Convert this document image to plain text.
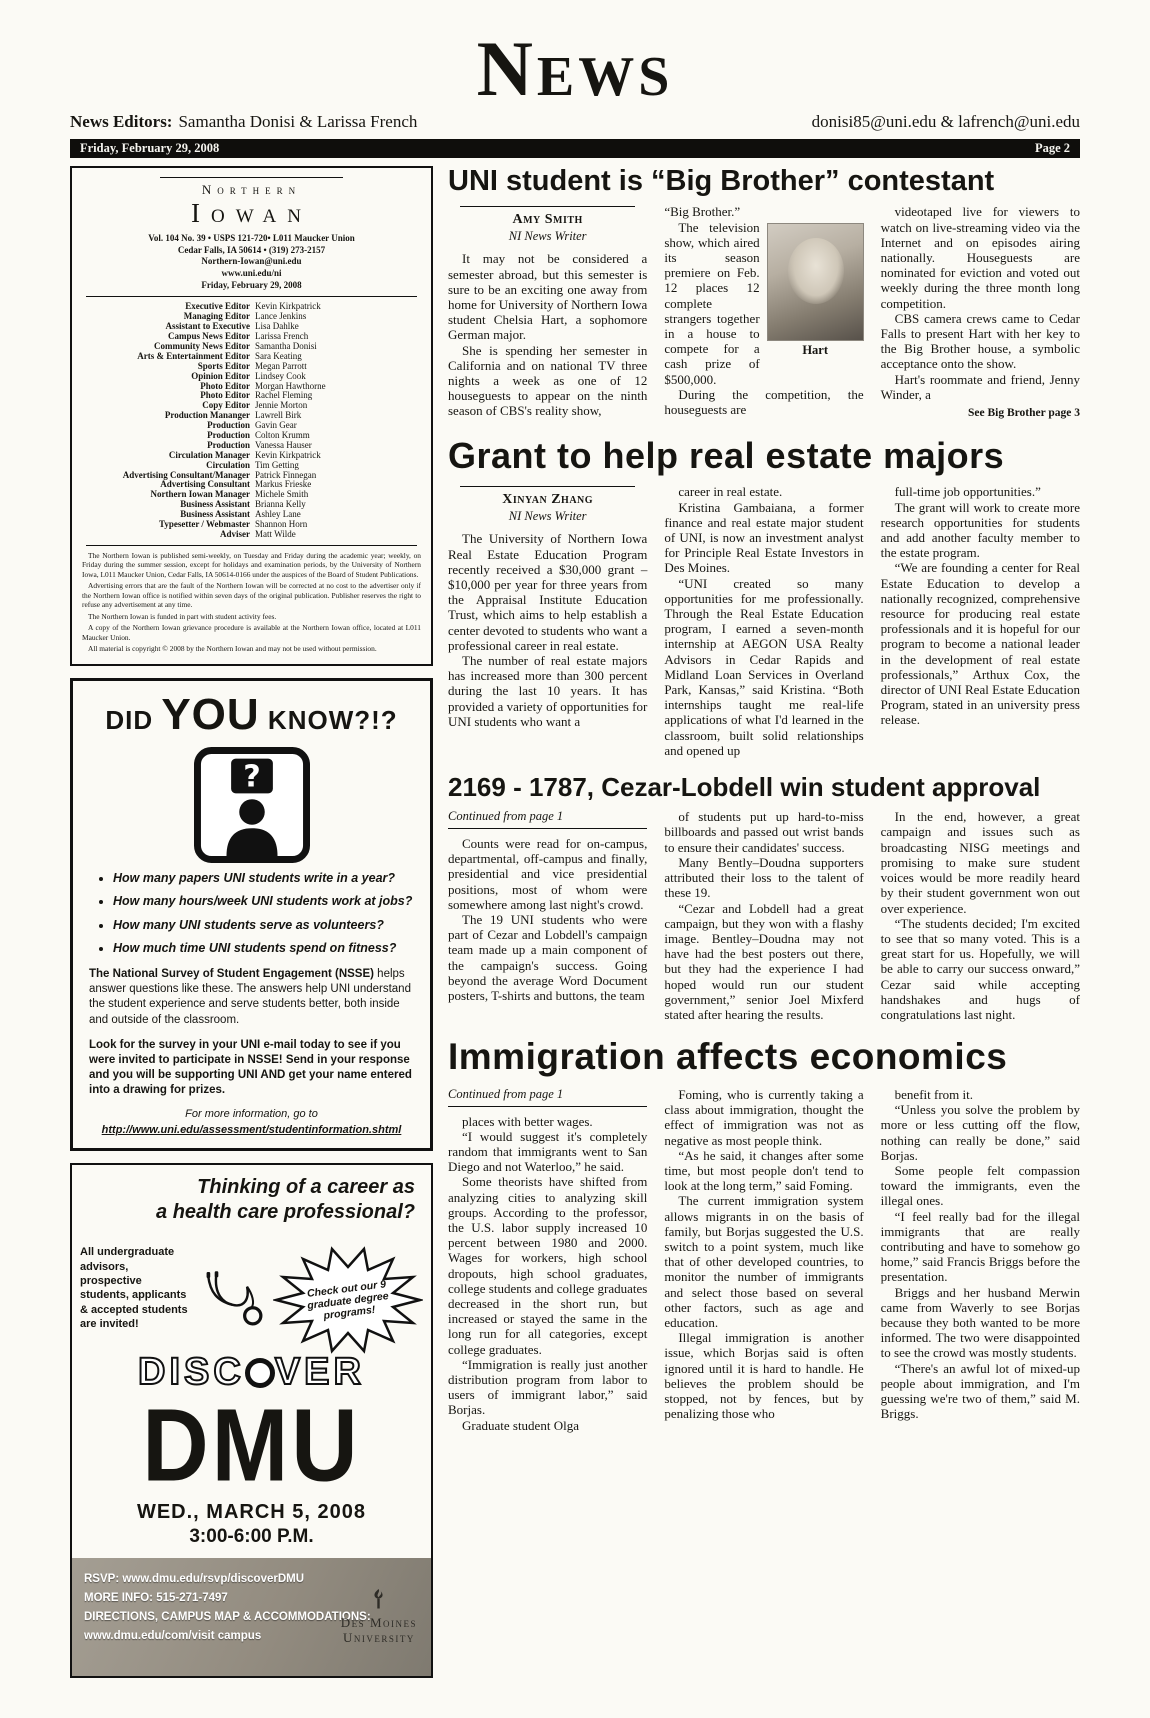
NEWS
News Editors: Samantha Donisi & Larissa French	donisi85@uni.edu & lafrench@uni.edu
Friday, February 29, 2008	Page 2
Northern
Iowan
Vol. 104 No. 39 • USPS 121-720• L011 Maucker Union
Cedar Falls, IA 50614 • (319) 273-2157
Northern-Iowan@uni.edu
www.uni.edu/ni
Friday, February 29, 2008
Executive Editor Kevin Kirkpatrick
Managing Editor Lance Jenkins
Assistant to Executive Lisa Dahlke
Campus News Editor Larissa French
Community News Editor Samantha Donisi
Arts & Entertainment Editor Sara Keating
Sports Editor Megan Parrott
Opinion Editor Lindsey Cook
Photo Editor Morgan Hawthorne
Photo Editor Rachel Fleming
Copy Editor Jennie Morton
Production Mananger Lawrell Birk
Production Gavin Gear
Production Colton Krumm
Production Vanessa Hauser
Circulation Manager Kevin Kirkpatrick
Circulation Tim Getting
Advertising Consultant/Manager Patrick Finnegan
Advertising Consultant Markus Frieske
Northern Iowan Manager Michele Smith
Business Assistant Brianna Kelly
Business Assistant Ashley Lane
Typesetter / Webmaster Shannon Horn
Adviser Matt Wilde

The Northern Iowan is published semi-weekly, on Tuesday and Friday during the academic year; weekly, on Friday during the summer session, except for holidays and examination periods, by the University of Northern Iowa, L011 Maucker Union, Cedar Falls, IA 50614-0166 under the auspices of the Board of Student Publications.

Advertising errors that are the fault of the Northern Iowan will be corrected at no cost to the advertiser only if the Northern Iowan office is notified within seven days of the original publication. Publisher reserves the right to refuse any advertisement at any time.

The Northern Iowan is funded in part with student activity fees.

A copy of the Northern Iowan grievance procedure is available at the Northern Iowan office, located at L011 Maucker Union.

All material is copyright © 2008 by the Northern Iowan and may not be used without permission.

DID YOU KNOW?!?
?
• How many papers UNI students write in a year?
• How many hours/week UNI students work at jobs?
• How many UNI students serve as volunteers?
• How much time UNI students spend on fitness?

The National Survey of Student Engagement (NSSE) helps answer questions like these. The answers help UNI understand the student experience and serve students better, both inside and outside of the classroom.

Look for the survey in your UNI e-mail today to see if you were invited to participate in NSSE! Send in your response and you will be supporting UNI AND get your name entered into a drawing for prizes.

For more information, go to
http://www.uni.edu/assessment/studentinformation.shtml
Thinking of a career as
a health care professional?
All undergraduate advisors, prospective students, applicants & accepted students are invited!
Check out our 9 graduate degree programs!
DISC VER
DMU
WED., MARCH 5, 2008
3:00-6:00 P.M.
RSVP: www.dmu.edu/rsvp/discoverDMU
MORE INFO: 515-271-7497
DIRECTIONS, CAMPUS MAP & ACCOMMODATIONS:
www.dmu.edu/com/visit campus
Des Moines
University
UNI student is “Big Brother” contestant
Amy Smith
NI News Writer

It may not be considered a semester abroad, but this semester is sure to be an exciting one away from home for University of Northern Iowa student Chelsia Hart, a sophomore German major.

She is spending her semester in California and on national TV three nights a week as one of 12 houseguests to appear on the ninth season of CBS's reality show,

“Big Brother.”

Hart

The television show, which aired its season premiere on Feb. 12 places 12 complete strangers together in a house to compete for a cash prize of $500,000.

During the competition, the houseguests are

videotaped live for viewers to watch on live-streaming video via the Internet and on episodes airing nationally. Houseguests are nominated for eviction and voted out weekly during the three month long competition.

CBS camera crews came to Cedar Falls to present Hart with her key to the Big Brother house, a symbolic acceptance onto the show.

Hart's roommate and friend, Jenny Winder, a

See Big Brother page 3
Grant to help real estate majors
Xinyan Zhang
NI News Writer

The University of Northern Iowa Real Estate Education Program recently received a $30,000 grant – $10,000 per year for three years from the Appraisal Institute Education Trust, which aims to help establish a center devoted to students who want a professional career in real estate.

The number of real estate majors has increased more than 300 percent during the last 10 years. It has provided a variety of opportunities for UNI students who want a

career in real estate.

Kristina Gambaiana, a former finance and real estate major student of UNI, is now an investment analyst for Principle Real Estate Investors in Des Moines.

“UNI created so many opportunities for me professionally. Through the Real Estate Education program, I earned a seven-month internship at AEGON USA Realty Advisors in Cedar Rapids and Midland Loan Services in Overland Park, Kansas,” said Kristina. “Both internships taught me real-life applications of what I'd learned in the classroom, built solid relationships and opened up

full-time job opportunities.”

The grant will work to create more research opportunities for students and add another faculty member to the estate program.

“We are founding a center for Real Estate Education to develop a nationally recognized, comprehensive resource for producing real estate professionals and it is hopeful for our program to become a national leader in the development of real estate professionals,” Arthux Cox, the director of UNI Real Estate Education Program, stated in an university press release.

2169 - 1787, Cezar-Lobdell win student approval
Continued from page 1

Counts were read for on-campus, departmental, off-campus and finally, presidential and vice presidential positions, most of whom were somewhere among last night's crowd.

The 19 UNI students who were part of Cezar and Lobdell's campaign team made up a main component of the campaign's success. Going beyond the average Word Document posters, T-shirts and buttons, the team

of students put up hard-to-miss billboards and passed out wrist bands to ensure their candidates' success.

Many Bently–Doudna supporters attributed their loss to the talent of these 19.

“Cezar and Lobdell had a great campaign, but they won with a flashy image. Bentley–Doudna may not have had the best posters out there, but they had the experience I had hoped would run our student government,” senior Joel Mixferd stated after hearing the results.

In the end, however, a great campaign and issues such as broadcasting NISG meetings and promising to make sure student voices would be more readily heard by their student government won out over experience.

“The students decided; I'm excited to see that so many voted. This is a great start for us. Hopefully, we will be able to carry our success onward,” Cezar said while accepting handshakes and hugs of congratulations last night.

Immigration affects economics
Continued from page 1

places with better wages.

“I would suggest it's completely random that immigrants went to San Diego and not Waterloo,” he said.

Some theorists have shifted from analyzing cities to analyzing skill groups. According to the professor, the U.S. labor supply increased 10 percent between 1980 and 2000. Wages for workers, high school dropouts, high school graduates, college students and college graduates decreased in the short run, but increased or stayed the same in the long run for all categories, except college graduates.

“Immigration is really just another distribution program from labor to users of immigrant labor,” said Borjas.

Graduate student Olga

Foming, who is currently taking a class about immigration, thought the effect of immigration was not as negative as most people think.

“As he said, it changes after some time, but most people don't tend to look at the long term,” said Foming.

The current immigration system allows migrants in on the basis of family, but Borjas suggested the U.S. switch to a point system, much like that of other developed countries, to monitor the number of immigrants and select those based on several other factors, such as age and education.

Illegal immigration is another issue, which Borjas said is often ignored until it is hard to handle. He believes the problem should be stopped, not by fences, but by penalizing those who

benefit from it.

“Unless you solve the problem by more or less cutting off the flow, nothing can really be done,” said Borjas.

Some people felt compassion toward the immigrants, even the illegal ones.

“I feel really bad for the illegal immigrants that are really contributing and have to somehow go home,” said Francis Briggs before the presentation.

Briggs and her husband Merwin came from Waverly to see Borjas because they both wanted to be more informed. The two were disappointed to see the crowd was mostly students.

“There's an awful lot of mixed-up people about immigration, and I'm guessing we're two of them,” said M. Briggs.
